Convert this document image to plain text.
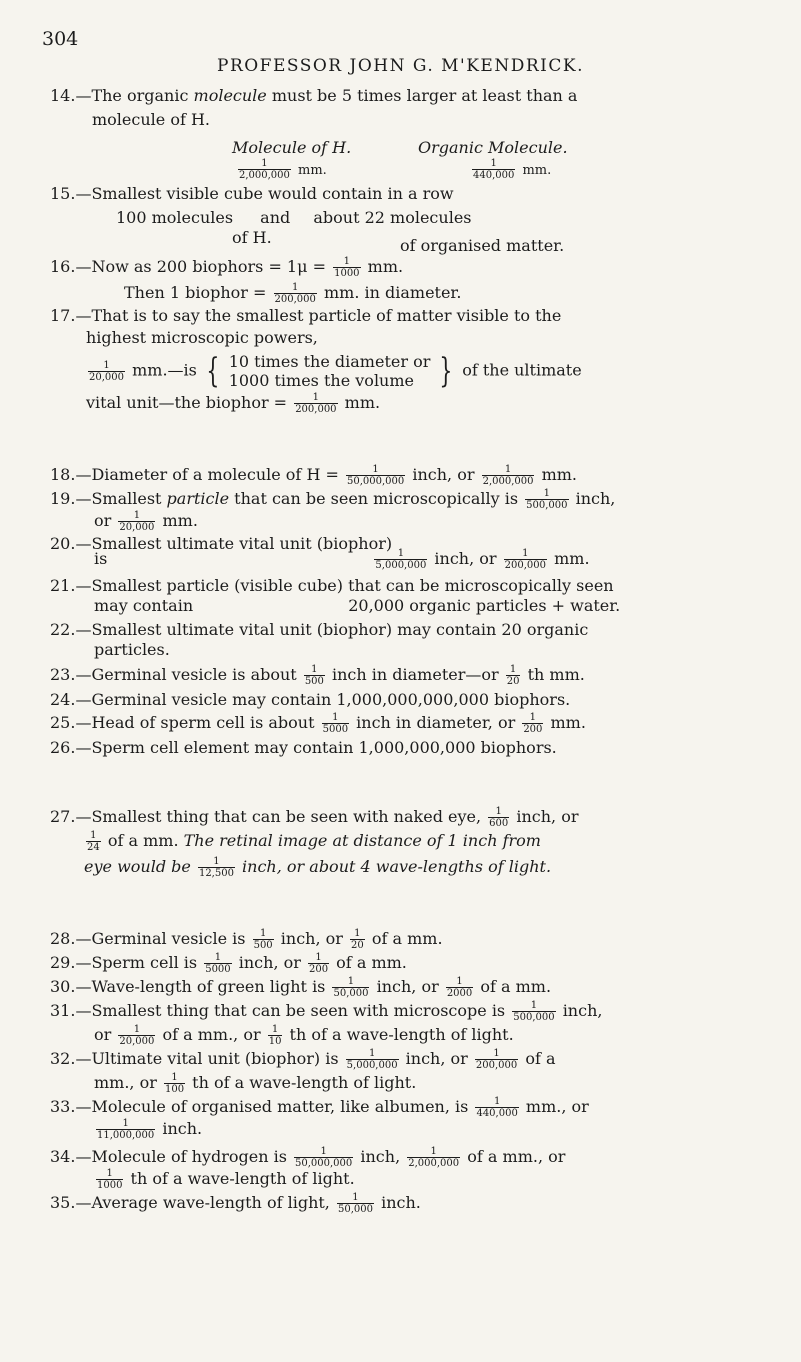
304
PROFESSOR JOHN G. M'KENDRICK.
14.—The organic molecule must be 5 times larger at least than a
molecule of H.
Molecule of H.	Organic Molecule.
$\frac{1}{2,000,000}$ mm.	$\frac{1}{440,000}$ mm.
15.—Smallest visible cube would contain in a row
100 molecules and about 22 molecules
of H.	of organised matter.
16.—Now as 200 biophors = $1\mu = \frac{1}{1000}$ mm.
Then 1 biophor = $\frac{1}{200,000}$ mm. in diameter.
17.—That is to say the smallest particle of matter visible to the
highest microscopic powers,
$\frac{1}{20,000}$ mm.—is { 10 times the diameter or
1000 times the volume } of the ultimate
vital unit—the biophor = $\frac{1}{200,000}$ mm.
18.—Diameter of a molecule of $H = \frac{1}{50,000,000}$ inch, or $\frac{1}{2,000,000}$ mm.
19.—Smallest particle that can be seen microscopically is $\frac{1}{500,000}$ inch,
or $\frac{1}{20,000}$ mm.
20.—Smallest ultimate vital unit (biophor)
is	$\frac{1}{5,000,000}$ inch, or $\frac{1}{200,000}$ mm.
21.—Smallest particle (visible cube) that can be microscopically seen
may contain	20,000 organic particles + water.
22.—Smallest ultimate vital unit (biophor) may contain 20 organic
particles.
23.—Germinal vesicle is about $\frac{1}{500}$ inch in diameter—or $\frac{1}{20}$ th mm.
24.—Germinal vesicle may contain 1,000,000,000,000 biophors.
25.—Head of sperm cell is about $\frac{1}{5000}$ inch in diameter, or $\frac{1}{200}$ mm.
26.—Sperm cell element may contain 1,000,000,000 biophors.
27.—Smallest thing that can be seen with naked eye, $\frac{1}{600}$ inch, or
$\frac{1}{24}$ of a mm. The retinal image at distance of 1 inch from
eye would be $\frac{1}{12,500}$ inch, or about 4 wave-lengths of light.
28.—Germinal vesicle is $\frac{1}{500}$ inch, or $\frac{1}{20}$ of a mm.
29.—Sperm cell is $\frac{1}{5000}$ inch, or $\frac{1}{200}$ of a mm.
30.—Wave-length of green light is $\frac{1}{50,000}$ inch, or $\frac{1}{2000}$ of a mm.
31.—Smallest thing that can be seen with microscope is $\frac{1}{500,000}$ inch,
or $\frac{1}{20,000}$ of a mm., or $\frac{1}{10}$ th of a wave-length of light.
32.—Ultimate vital unit (biophor) is $\frac{1}{5,000,000}$ inch, or $\frac{1}{200,000}$ of a
mm., or $\frac{1}{100}$ th of a wave-length of light.
33.—Molecule of organised matter, like albumen, is $\frac{1}{440,000}$ mm., or
$\frac{1}{11,000,000}$ inch.
34.—Molecule of hydrogen is $\frac{1}{50,000,000}$ inch, $\frac{1}{2,000,000}$ of a mm., or
$\frac{1}{1000}$ th of a wave-length of light.
35.—Average wave-length of light, $\frac{1}{50,000}$ inch.
